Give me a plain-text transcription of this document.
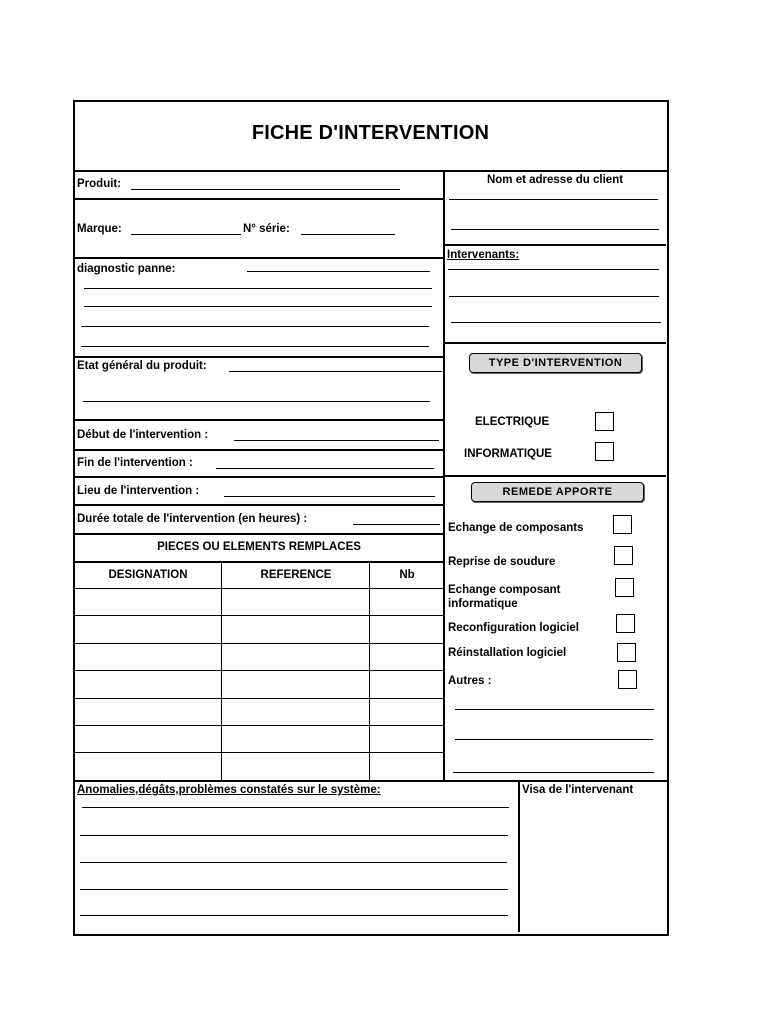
FICHE D'INTERVENTION
Produit:
Marque:	N° série:
diagnostic panne:
Etat général du produit:
Début de l'intervention :
Fin de l'intervention :
Lieu de l'intervention :
Durée totale de l'intervention (en heures) :
PIECES OU ELEMENTS REMPLACES
DESIGNATION	REFERENCE	Nb
Nom et adresse du client
Intervenants:
TYPE D'INTERVENTION
ELECTRIQUE
INFORMATIQUE
REMEDE APPORTE
Echange de composants
Reprise de soudure
Echange composant
informatique
Reconfiguration logiciel
Réinstallation logiciel
Autres :
Anomalies,dégâts,problèmes constatés sur le système:	Visa de l'intervenant
